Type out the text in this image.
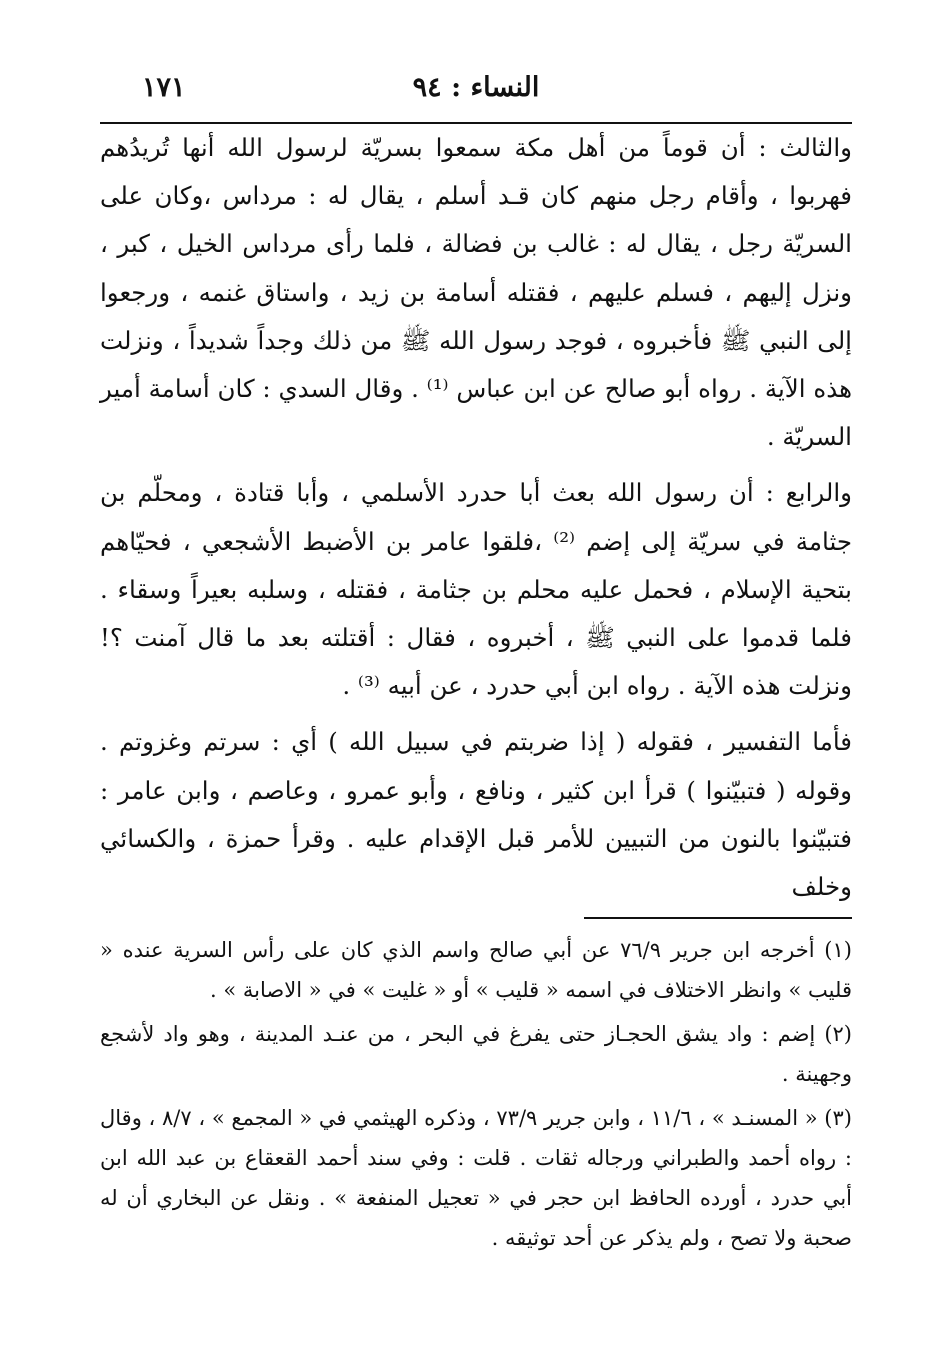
النساء : ٩٤
١٧١

والثالث : أن قوماً من أهل مكة سمعوا بسريّة لرسول الله أنها تُريدُهم فهربوا ، وأقام رجل منهم كان قـد أسلم ، يقال له : مرداس ،وكان على السريّة رجل ، يقال له : غالب بن فضالة ، فلما رأى مرداس الخيل ، كبر ، ونزل إليهم ، فسلم عليهم ، فقتله أسامة بن زيد ، واستاق غنمه ، ورجعوا إلى النبي ﷺ فأخبروه ، فوجد رسول الله ﷺ من ذلك وجداً شديداً ، ونزلت هذه الآية . رواه أبو صالح عن ابن عباس ⁽¹⁾ . وقال السدي : كان أسامة أمير السريّة .

والرابع : أن رسول الله بعث أبا حدرد الأسلمي ، وأبا قتادة ، ومحلّم بن جثامة في سريّة إلى إضم ⁽²⁾ ،فلقوا عامر بن الأضبط الأشجعي ، فحيّاهم بتحية الإسلام ، فحمل عليه محلم بن جثامة ، فقتله ، وسلبه بعيراً وسقاء . فلما قدموا على النبي ﷺ ، أخبروه ، فقال : أقتلته بعد ما قال آمنت ؟! ونزلت هذه الآية . رواه ابن أبي حدرد ، عن أبيه ⁽³⁾ .

فأما التفسير ، فقوله ( إذا ضربتم في سبيل الله ) أي : سرتم وغزوتم . وقوله ( فتبيّنوا ) قرأ ابن كثير ، ونافع ، وأبو عمرو ، وعاصم ، وابن عامر : فتبيّنوا بالنون من التبيين للأمر قبل الإقدام عليه . وقرأ حمزة ، والكسائي وخلف

(١) أخرجه ابن جرير ٧٦/٩ عن أبي صالح واسم الذي كان على رأس السرية عنده « قليب » وانظر الاختلاف في اسمه « قليب » أو « غليت » في « الاصابة » .

(٢) إضم : واد يشق الحجـاز حتى يفرغ في البحر ، من عنـد المدينة ، وهو واد لأشجع وجهينة .

(٣) « المسنـد » ، ١١/٦ ، وابن جرير ٧٣/٩ ، وذكره الهيثمي في « المجمع » ، ٨/٧ ، وقال : رواه أحمد والطبراني ورجاله ثقات . قلت : وفي سند أحمد القعقاع بن عبد الله ابن أبي حدرد ، أورده الحافظ ابن حجر في « تعجيل المنفعة » . ونقل عن البخاري أن له صحبة ولا تصح ، ولم يذكر عن أحد توثيقه .
